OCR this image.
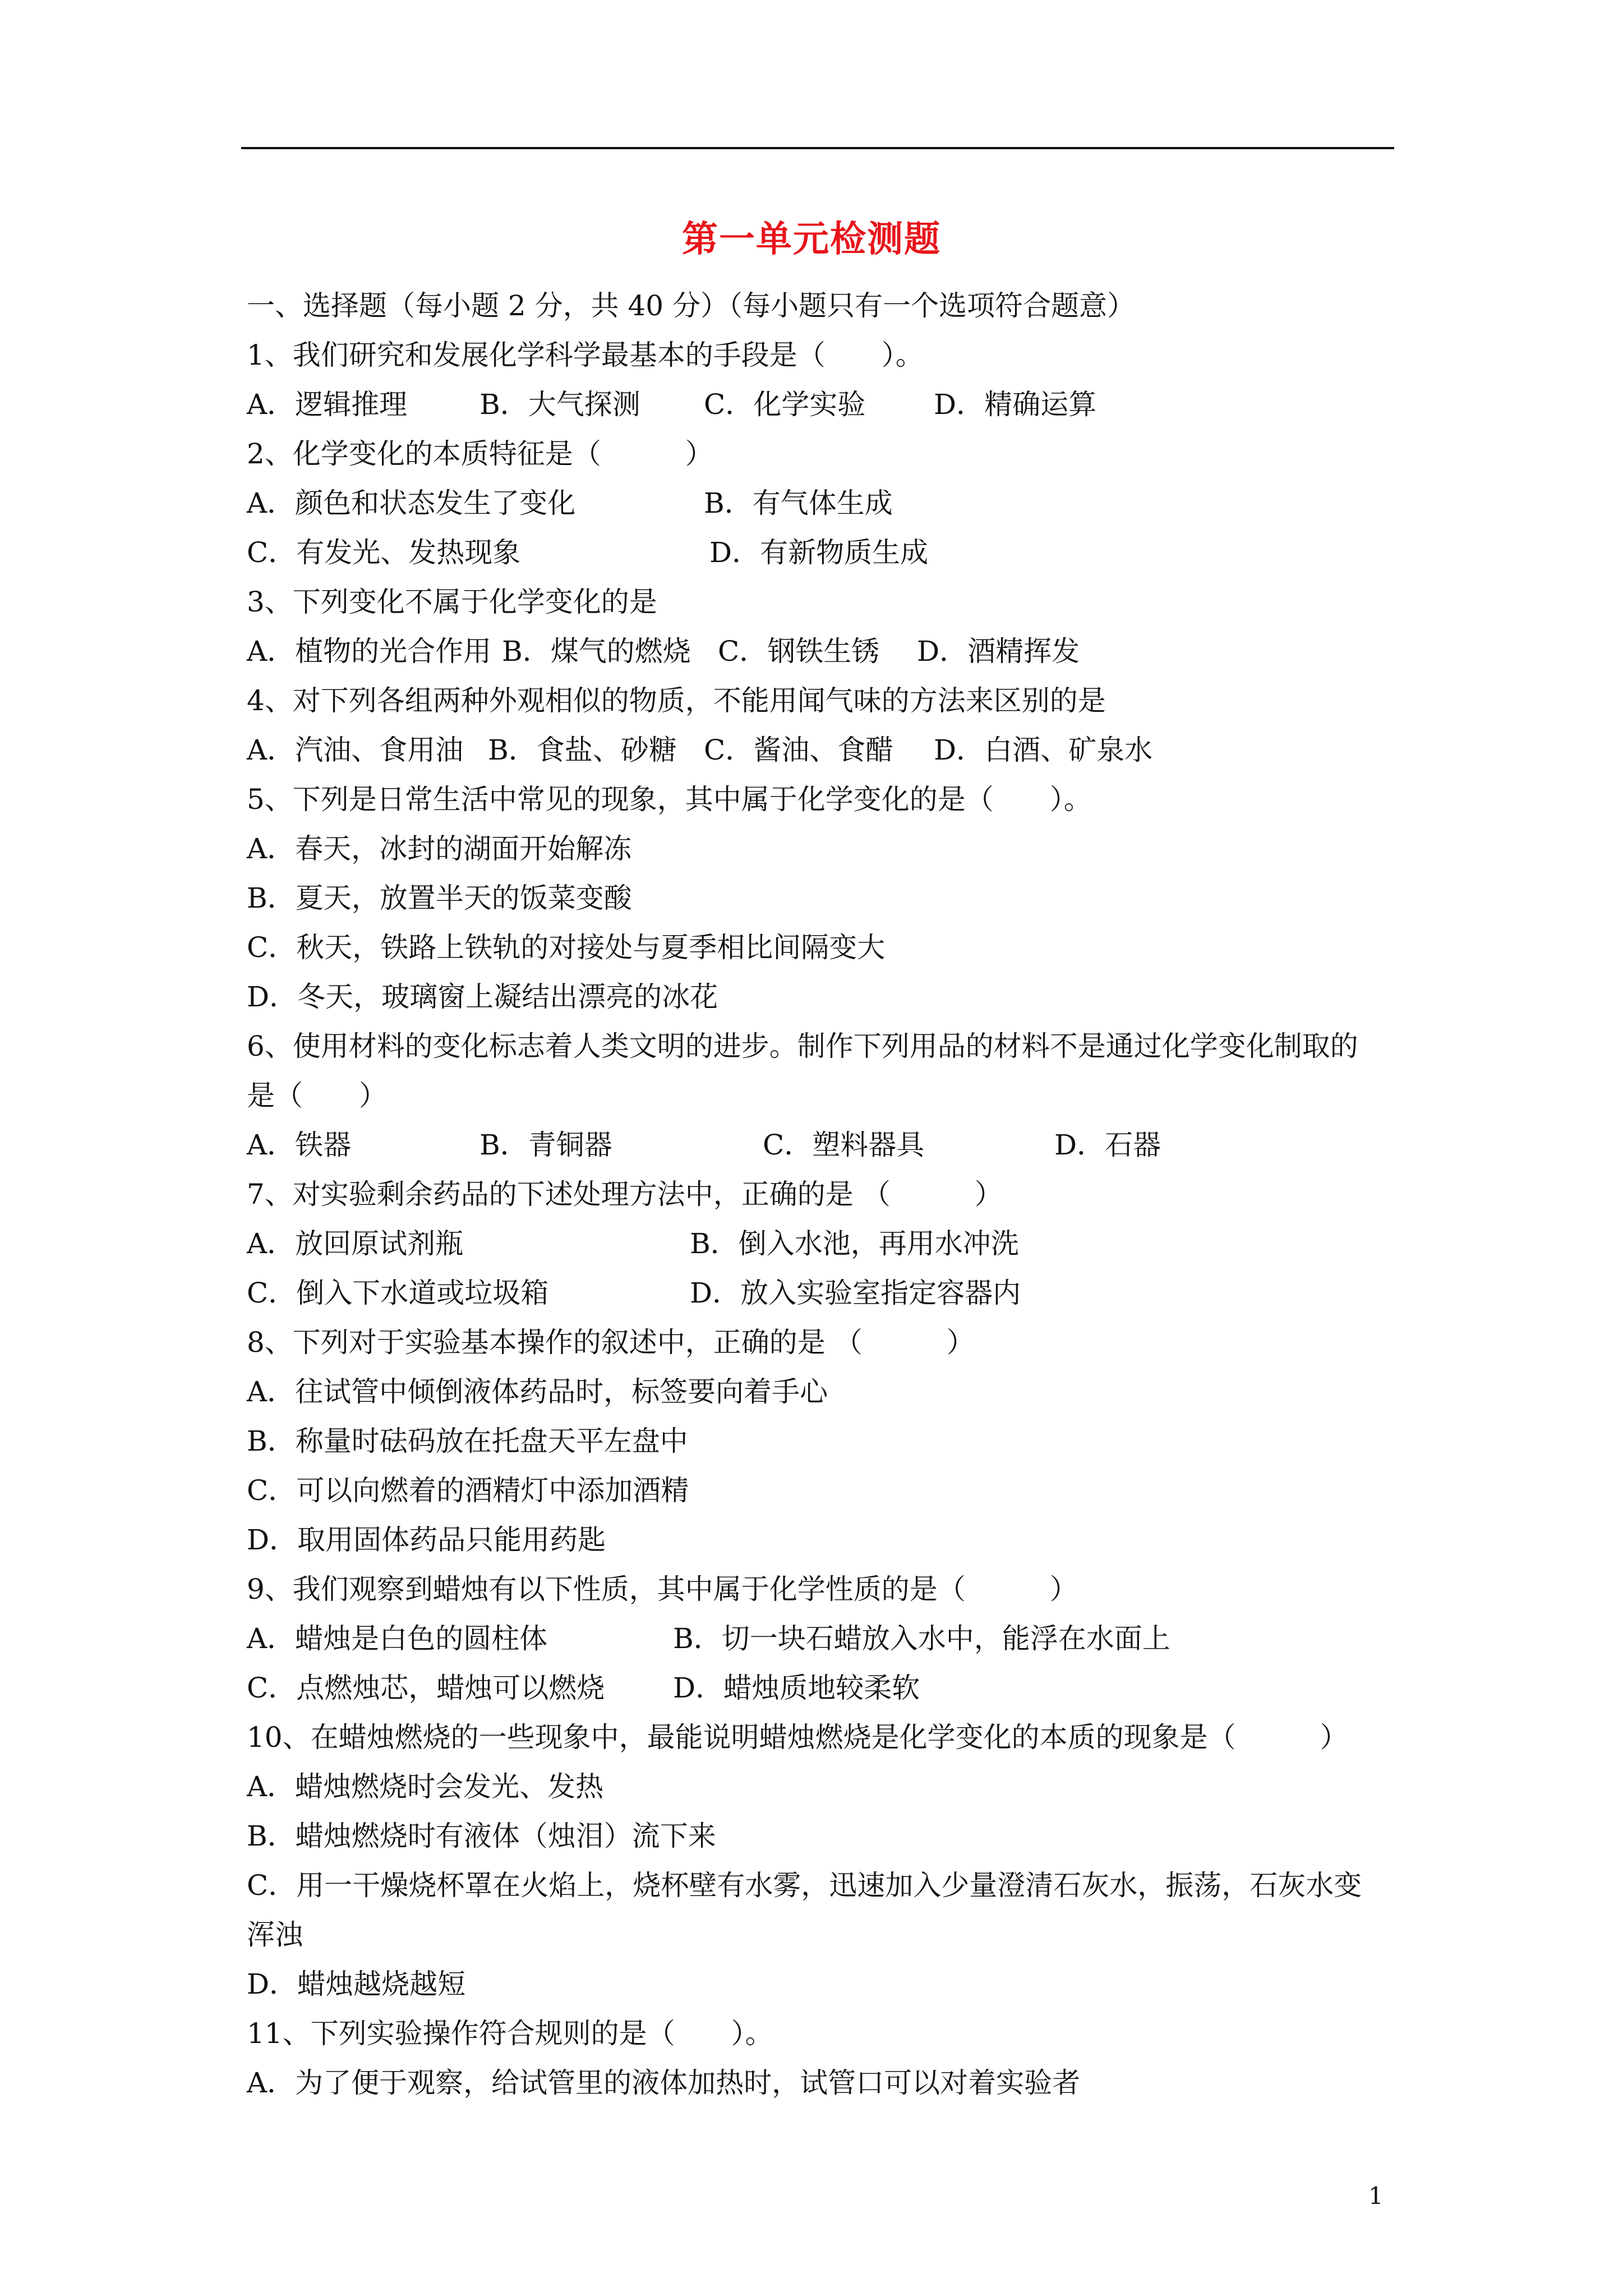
第一单元检测题
一、选择题（每小题 2 分，共 40 分）（每小题只有一个选项符合题意）
1、我们研究和发展化学科学最基本的手段是（　　）。
A．逻辑推理	B．大气探测 C．化学实验 D．精确运算
2、化学变化的本质特征是（　　　）
A．颜色和状态发生了变化	B．有气体生成
C．有发光、发热现象	D．有新物质生成
3、下列变化不属于化学变化的是
A．植物的光合作用 B．煤气的燃烧 C．钢铁生锈 D．酒精挥发
4、对下列各组两种外观相似的物质，不能用闻气味的方法来区别的是
A．汽油、食用油 B．食盐、砂糖 C．酱油、食醋 D．白酒、矿泉水
5、下列是日常生活中常见的现象，其中属于化学变化的是（　　）。
A．春天，冰封的湖面开始解冻
B．夏天，放置半天的饭菜变酸
C．秋天，铁路上铁轨的对接处与夏季相比间隔变大
D．冬天，玻璃窗上凝结出漂亮的冰花
6、使用材料的变化标志着人类文明的进步。制作下列用品的材料不是通过化学变化制取的
是（　　）
A．铁器	B．青铜器	C．塑料器具	D．石器
7、对实验剩余药品的下述处理方法中，正确的是 （　　　）
A．放回原试剂瓶	B．倒入水池，再用水冲洗
C．倒入下水道或垃圾箱	D．放入实验室指定容器内
8、下列对于实验基本操作的叙述中，正确的是 （　　　）
A．往试管中倾倒液体药品时，标签要向着手心
B．称量时砝码放在托盘天平左盘中
C．可以向燃着的酒精灯中添加酒精
D．取用固体药品只能用药匙
9、我们观察到蜡烛有以下性质，其中属于化学性质的是（　　　）
A．蜡烛是白色的圆柱体	B．切一块石蜡放入水中，能浮在水面上
C．点燃烛芯，蜡烛可以燃烧 D．蜡烛质地较柔软
10、在蜡烛燃烧的一些现象中，最能说明蜡烛燃烧是化学变化的本质的现象是（　　　）
A．蜡烛燃烧时会发光、发热
B．蜡烛燃烧时有液体（烛泪）流下来
C．用一干燥烧杯罩在火焰上，烧杯壁有水雾，迅速加入少量澄清石灰水，振荡，石灰水变
浑浊
D．蜡烛越烧越短
11、下列实验操作符合规则的是（　　）。
A．为了便于观察，给试管里的液体加热时，试管口可以对着实验者
1
